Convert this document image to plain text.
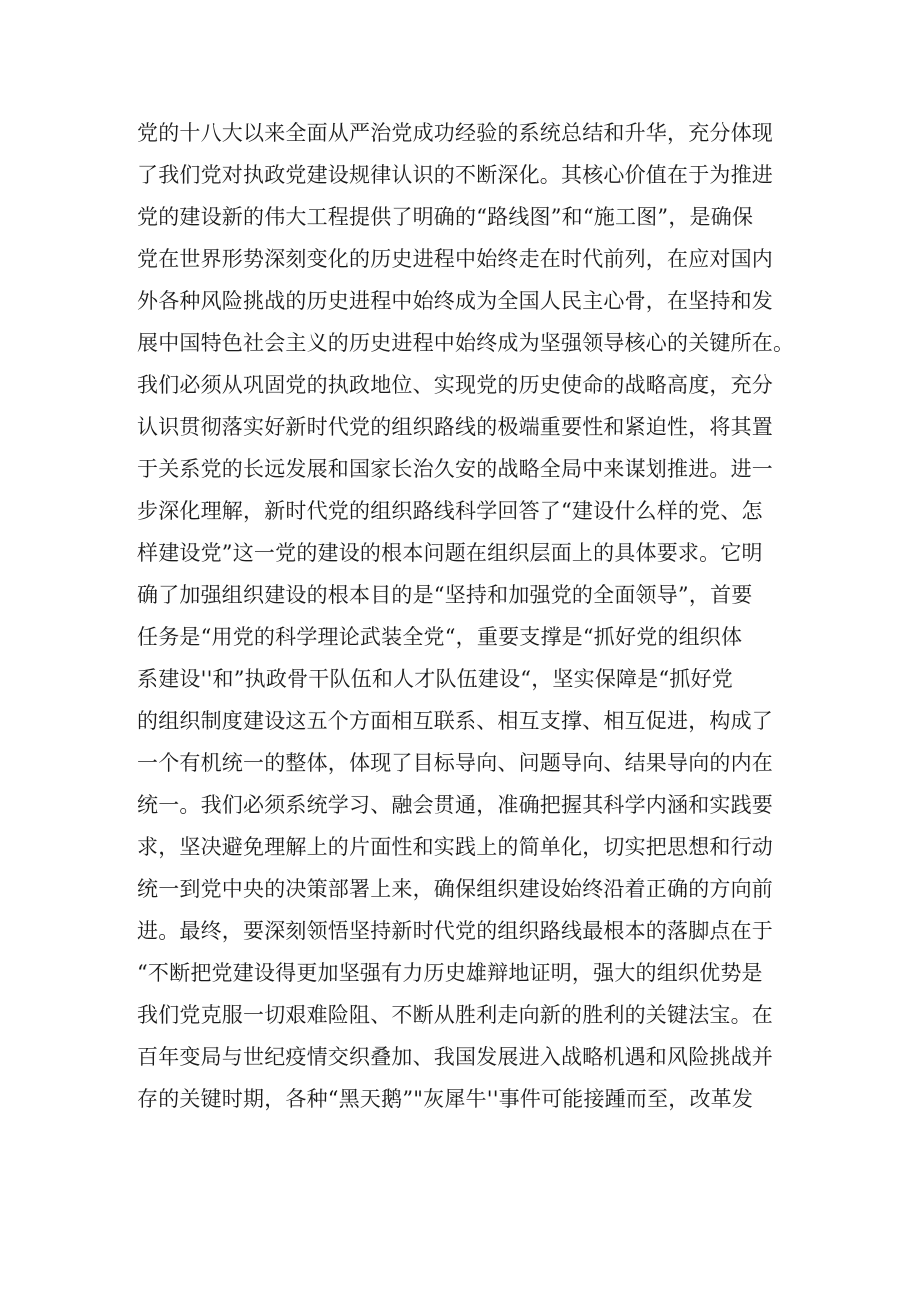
党的十八大以来全面从严治党成功经验的系统总结和升华，充分体现
了我们党对执政党建设规律认识的不断深化。其核心价值在于为推进
党的建设新的伟大工程提供了明确的“路线图”和“施工图”，是确保
党在世界形势深刻变化的历史进程中始终走在时代前列，在应对国内
外各种风险挑战的历史进程中始终成为全国人民主心骨，在坚持和发
展中国特色社会主义的历史进程中始终成为坚强领导核心的关键所在。
我们必须从巩固党的执政地位、实现党的历史使命的战略高度，充分
认识贯彻落实好新时代党的组织路线的极端重要性和紧迫性，将其置
于关系党的长远发展和国家长治久安的战略全局中来谋划推进。进一
步深化理解，新时代党的组织路线科学回答了“建设什么样的党、怎
样建设党”这一党的建设的根本问题在组织层面上的具体要求。它明
确了加强组织建设的根本目的是“坚持和加强党的全面领导”，首要
任务是“用党的科学理论武装全党“，重要支撑是“抓好党的组织体
系建设''和”执政骨干队伍和人才队伍建设“，坚实保障是“抓好党
的组织制度建设这五个方面相互联系、相互支撑、相互促进，构成了
一个有机统一的整体，体现了目标导向、问题导向、结果导向的内在
统一。我们必须系统学习、融会贯通，准确把握其科学内涵和实践要
求，坚决避免理解上的片面性和实践上的简单化，切实把思想和行动
统一到党中央的决策部署上来，确保组织建设始终沿着正确的方向前
进。最终，要深刻领悟坚持新时代党的组织路线最根本的落脚点在于
“不断把党建设得更加坚强有力历史雄辩地证明，强大的组织优势是
我们党克服一切艰难险阻、不断从胜利走向新的胜利的关键法宝。在
百年变局与世纪疫情交织叠加、我国发展进入战略机遇和风险挑战并
存的关键时期，各种“黑天鹅”"灰犀牛''事件可能接踵而至，改革发
